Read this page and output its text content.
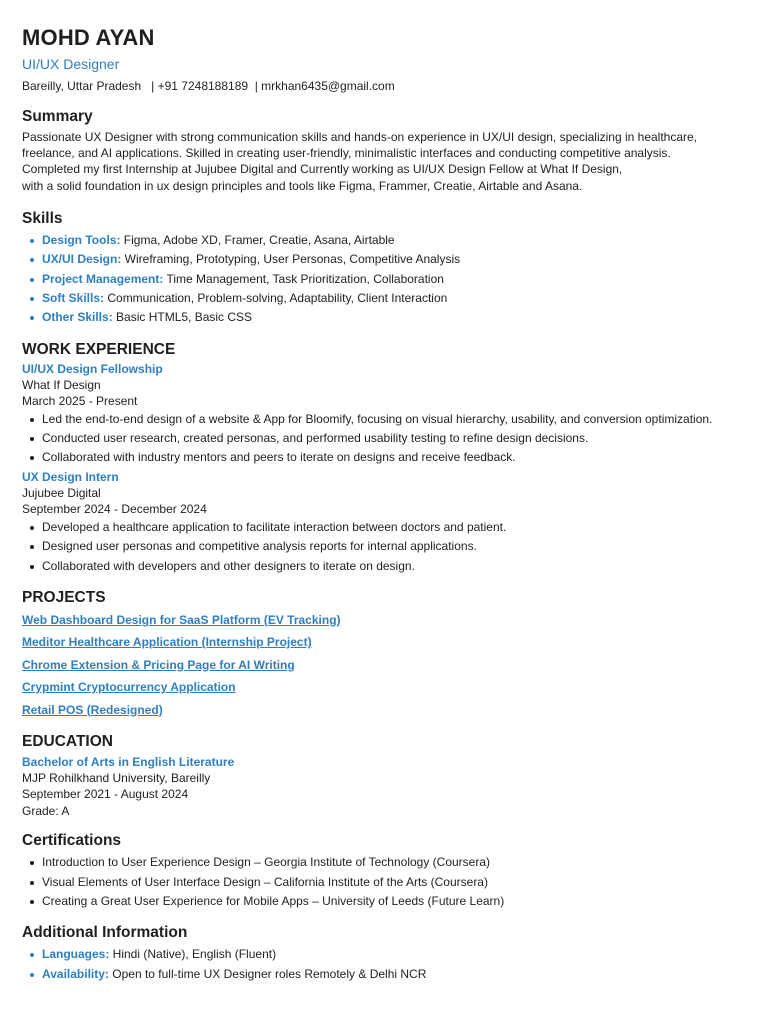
MOHD AYAN
UI/UX Designer
Bareilly, Uttar Pradesh   | +91 7248188189  | mrkhan6435@gmail.com
Summary
Passionate UX Designer with strong communication skills and hands-on experience in UX/UI design, specializing in healthcare,
freelance, and AI applications. Skilled in creating user-friendly, minimalistic interfaces and conducting competitive analysis.
Completed my first Internship at Jujubee Digital and Currently working as UI/UX Design Fellow at What If Design,
with a solid foundation in ux design principles and tools like Figma, Frammer, Creatie, Airtable and Asana.
Skills
Design Tools: Figma, Adobe XD, Framer, Creatie, Asana, Airtable
UX/UI Design: Wireframing, Prototyping, User Personas, Competitive Analysis
Project Management: Time Management, Task Prioritization, Collaboration
Soft Skills: Communication, Problem-solving, Adaptability, Client Interaction
Other Skills: Basic HTML5, Basic CSS
WORK EXPERIENCE
UI/UX Design Fellowship
What If Design
March 2025 - Present
Led the end-to-end design of a website & App for Bloomify, focusing on visual hierarchy, usability, and conversion optimization.
Conducted user research, created personas, and performed usability testing to refine design decisions.
Collaborated with industry mentors and peers to iterate on designs and receive feedback.
UX Design Intern
Jujubee Digital
September 2024 - December 2024
Developed a healthcare application to facilitate interaction between doctors and patient.
Designed user personas and competitive analysis reports for internal applications.
Collaborated with developers and other designers to iterate on design.
PROJECTS
Web Dashboard Design for SaaS Platform (EV Tracking)
Meditor Healthcare Application (Internship Project)
Chrome Extension & Pricing Page for AI Writing
Crypmint Cryptocurrency Application
Retail POS (Redesigned)
EDUCATION
Bachelor of Arts in English Literature
MJP Rohilkhand University, Bareilly
September 2021 - August 2024
Grade: A
Certifications
Introduction to User Experience Design – Georgia Institute of Technology (Coursera)
Visual Elements of User Interface Design – California Institute of the Arts (Coursera)
Creating a Great User Experience for Mobile Apps – University of Leeds (Future Learn)
Additional Information
Languages: Hindi (Native), English (Fluent)
Availability: Open to full-time UX Designer roles Remotely & Delhi NCR
